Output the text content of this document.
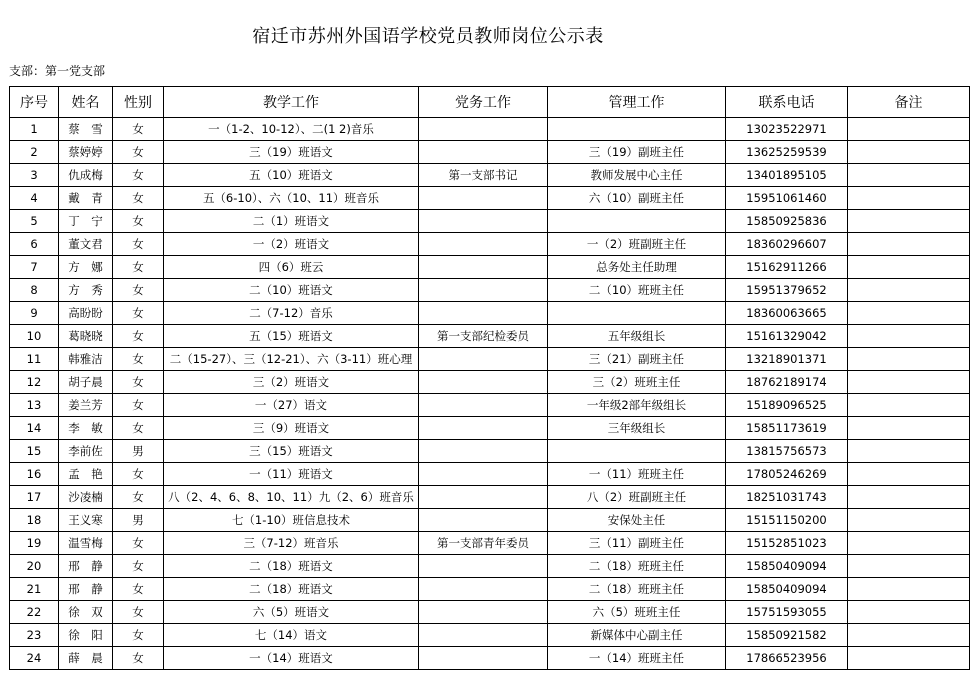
宿迁市苏州外国语学校党员教师岗位公示表
支部：第一党支部
序号	姓名	性别	教学工作	党务工作	管理工作	联系电话	备注
1	蔡　雪	女	一（1-2、10-12）、二(1 2)音乐			13023522971	
2	蔡婷婷	女	三（19）班语文		三（19）副班主任	13625259539	
3	仇成梅	女	五（10）班语文	第一支部书记	教师发展中心主任	13401895105	
4	戴　青	女	五（6-10）、六（10、11）班音乐		六（10）副班主任	15951061460	
5	丁　宁	女	二（1）班语文			15850925836	
6	董文君	女	一（2）班语文		一（2）班副班主任	18360296607	
7	方　娜	女	四（6）班云		总务处主任助理	15162911266	
8	方　秀	女	二（10）班语文		二（10）班班主任	15951379652	
9	高盼盼	女	二（7-12）音乐			18360063665	
10	葛晓晓	女	五（15）班语文	第一支部纪检委员	五年级组长	15161329042	
11	韩雅洁	女	二（15-27）、三（12-21）、六（3-11）班心理		三（21）副班主任	13218901371	
12	胡子晨	女	三（2）班语文		三（2）班班主任	18762189174	
13	姜兰芳	女	一（27）语文		一年级2部年级组长	15189096525	
14	李　敏	女	三（9）班语文		三年级组长	15851173619	
15	李前佐	男	三（15）班语文			13815756573	
16	孟　艳	女	一（11）班语文		一（11）班班主任	17805246269	
17	沙凌楠	女	八（2、4、6、8、10、11）九（2、6）班音乐		八（2）班副班主任	18251031743	
18	王义寒	男	七（1-10）班信息技术		安保处主任	15151150200	
19	温雪梅	女	三（7-12）班音乐	第一支部青年委员	三（11）副班主任	15152851023	
20	邢　静	女	二（18）班语文		二（18）班班主任	15850409094	
21	邢　静	女	二（18）班语文		二（18）班班主任	15850409094	
22	徐　双	女	六（5）班语文		六（5）班班主任	15751593055	
23	徐　阳	女	七（14）语文		新媒体中心副主任	15850921582	
24	薛　晨	女	一（14）班语文		一（14）班班主任	17866523956	
